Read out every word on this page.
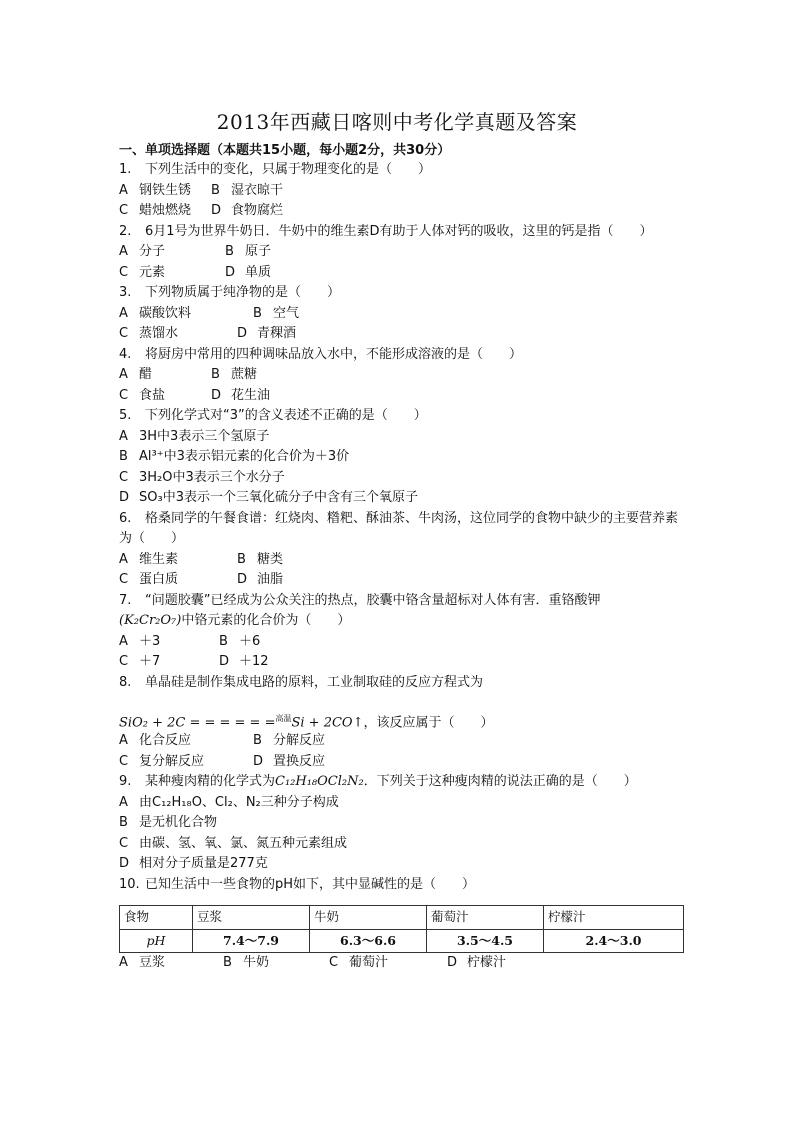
2013年西藏日喀则中考化学真题及答案
一、单项选择题（本题共15小题，每小题2分，共30分）
1. 下列生活中的变化，只属于物理变化的是（　　）
A 钢铁生锈 B 湿衣晾干
C 蜡烛燃烧 D 食物腐烂
2. 6月1号为世界牛奶日．牛奶中的维生素D有助于人体对钙的吸收，这里的钙是指（　　）
A 分子	B 原子
C 元素	D 单质
3. 下列物质属于纯净物的是（　　）
A 碳酸饮料	B 空气
C 蒸馏水	D 青稞酒
4. 将厨房中常用的四种调味品放入水中，不能形成溶液的是（　　）
A 醋	B 蔗糖
C 食盐	D 花生油
5. 下列化学式对“3”的含义表述不正确的是（　　）
A 3H中3表示三个氢原子
B Al³⁺中3表示铝元素的化合价为＋3价
C 3H₂O中3表示三个水分子
D SO₃中3表示一个三氧化硫分子中含有三个氧原子
6. 格桑同学的午餐食谱：红烧肉、糌粑、酥油茶、牛肉汤，这位同学的食物中缺少的主要营养素为（　　）
A 维生素	B 糖类
C 蛋白质	D 油脂
7. “问题胶囊”已经成为公众关注的热点，胶囊中铬含量超标对人体有害．重铬酸钾
(K₂Cr₂O₇)中铬元素的化合价为（　　）
A ＋3	B ＋6
C ＋7	D ＋12
8. 单晶硅是制作集成电路的原料，工业制取硅的反应方程式为
SiO₂ + 2C = = = = = =$^{高温}$Si + 2CO↑，该反应属于（　　）
A 化合反应	B 分解反应
C 复分解反应	D 置换反应
9. 某种瘦肉精的化学式为C₁₂H₁₈OCl₂N₂．下列关于这种瘦肉精的说法正确的是（　　）
A 由C₁₂H₁₈O、Cl₂、N₂三种分子构成
B 是无机化合物
C 由碳、氢、氧、氯、氮五种元素组成
D 相对分子质量是277克
10. 已知生活中一些食物的pH如下，其中显碱性的是（　　）
食物	豆浆	牛奶	葡萄汁	柠檬汁
pH	7.4～7.9	6.3～6.6	3.5～4.5	2.4～3.0
A 豆浆	B 牛奶	C 葡萄汁	D 柠檬汁
